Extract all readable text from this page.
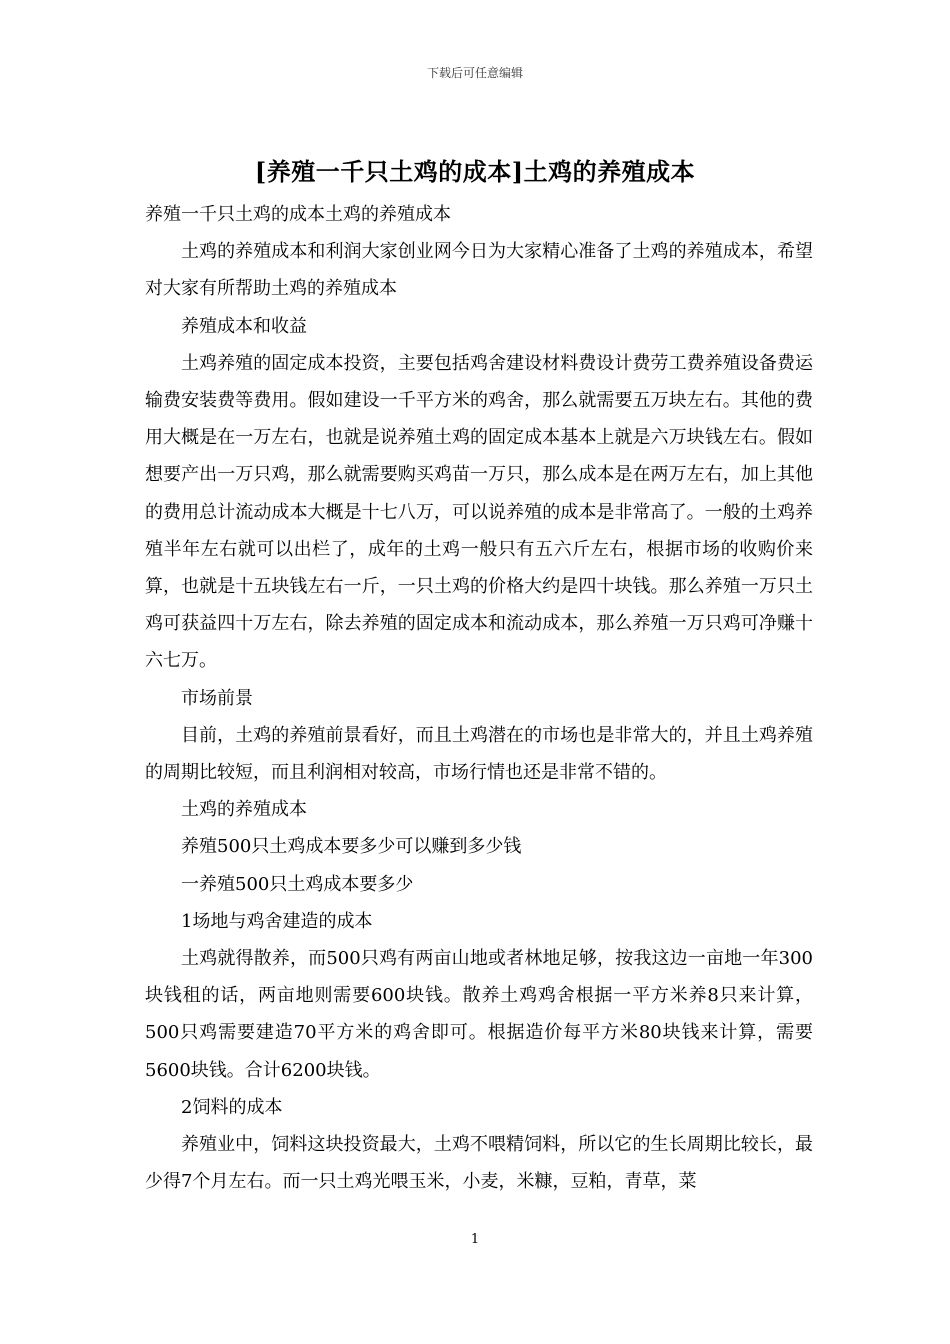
下载后可任意编辑
[养殖一千只土鸡的成本]土鸡的养殖成本

养殖一千只土鸡的成本土鸡的养殖成本

土鸡的养殖成本和利润大家创业网今日为大家精心准备了土鸡的养殖成本，希望对大家有所帮助土鸡的养殖成本

养殖成本和收益

土鸡养殖的固定成本投资，主要包括鸡舍建设材料费设计费劳工费养殖设备费运输费安装费等费用。假如建设一千平方米的鸡舍，那么就需要五万块左右。其他的费用大概是在一万左右，也就是说养殖土鸡的固定成本基本上就是六万块钱左右。假如想要产出一万只鸡，那么就需要购买鸡苗一万只，那么成本是在两万左右，加上其他的费用总计流动成本大概是十七八万，可以说养殖的成本是非常高了。一般的土鸡养殖半年左右就可以出栏了，成年的土鸡一般只有五六斤左右，根据市场的收购价来算，也就是十五块钱左右一斤，一只土鸡的价格大约是四十块钱。那么养殖一万只土鸡可获益四十万左右，除去养殖的固定成本和流动成本，那么养殖一万只鸡可净赚十六七万。

市场前景

目前，土鸡的养殖前景看好，而且土鸡潜在的市场也是非常大的，并且土鸡养殖的周期比较短，而且利润相对较高，市场行情也还是非常不错的。

土鸡的养殖成本

养殖500只土鸡成本要多少可以赚到多少钱

一养殖500只土鸡成本要多少

1场地与鸡舍建造的成本

土鸡就得散养，而500只鸡有两亩山地或者林地足够，按我这边一亩地一年300块钱租的话，两亩地则需要600块钱。散养土鸡鸡舍根据一平方米养8只来计算，500只鸡需要建造70平方米的鸡舍即可。根据造价每平方米80块钱来计算，需要5600块钱。合计6200块钱。

2饲料的成本

养殖业中，饲料这块投资最大，土鸡不喂精饲料，所以它的生长周期比较长，最少得7个月左右。而一只土鸡光喂玉米，小麦，米糠，豆粕，青草，菜

1
